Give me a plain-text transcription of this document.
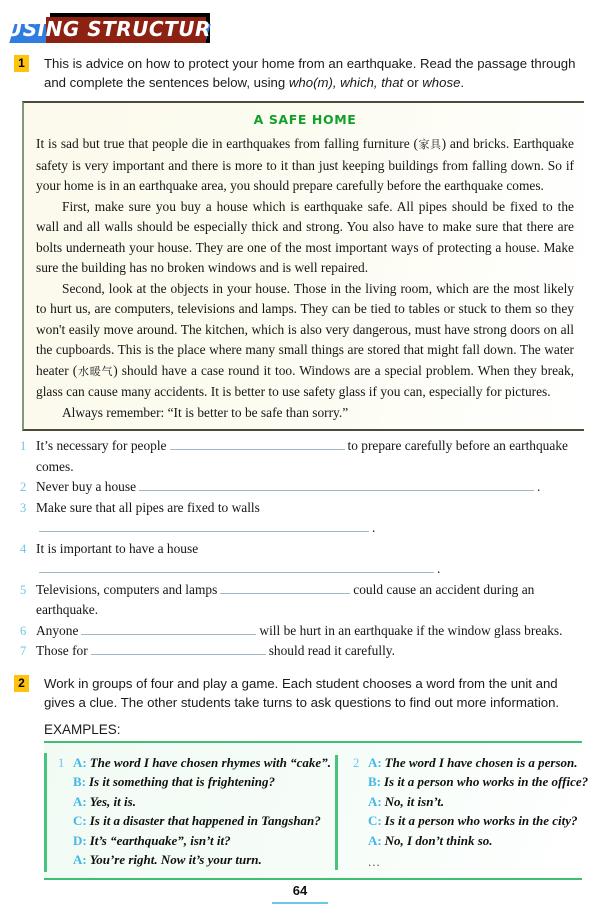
USING STRUCTURES
1	This is advice on how to protect your home from an earthquake. Read the passage through and complete the sentences below, using who(m), which, that or whose.
A SAFE HOME

It is sad but true that people die in earthquakes from falling furniture (家具) and bricks. Earthquake safety is very important and there is more to it than just keeping buildings from falling down. So if your home is in an earthquake area, you should prepare carefully before the earthquake comes.

First, make sure you buy a house which is earthquake safe. All pipes should be fixed to the wall and all walls should be especially thick and strong. You also have to make sure that there are bolts underneath your house. They are one of the most important ways of protecting a house. Make sure the building has no broken windows and is well repaired.

Second, look at the objects in your house. Those in the living room, which are the most likely to hurt us, are computers, televisions and lamps. They can be tied to tables or stuck to them so they won't easily move around. The kitchen, which is also very dangerous, must have strong doors on all the cupboards. This is the place where many small things are stored that might fall down. The water heater (水暖气) should have a case round it too. Windows are a special problem. When they break, glass can cause many accidents. It is better to use safety glass if you can, especially for pictures.

Always remember: “It is better to be safe than sorry.”

1 It’s necessary for people	to prepare carefully before an earthquake comes.
2 Never buy a house	.
3 Make sure that all pipes are fixed to walls.
4 It is important to have a house.
5 Televisions, computers and lamps	could cause an accident during an earthquake.
6 Anyone	will be hurt in an earthquake if the window glass breaks.
7 Those for	should read it carefully.
2	Work in groups of four and play a game. Each student chooses a word from the unit and gives a clue. The other students take turns to ask questions to find out more information.
EXAMPLES:
1 A: The word I have chosen rhymes with “cake”.
B: Is it something that is frightening?
A: Yes, it is.
C: Is it a disaster that happened in Tangshan?
D: It’s “earthquake”, isn’t it?
A: You’re right. Now it’s your turn.
2 A: The word I have chosen is a person.
B: Is it a person who works in the office?
A: No, it isn’t.
C: Is it a person who works in the city?
A: No, I don’t think so.
...
64
